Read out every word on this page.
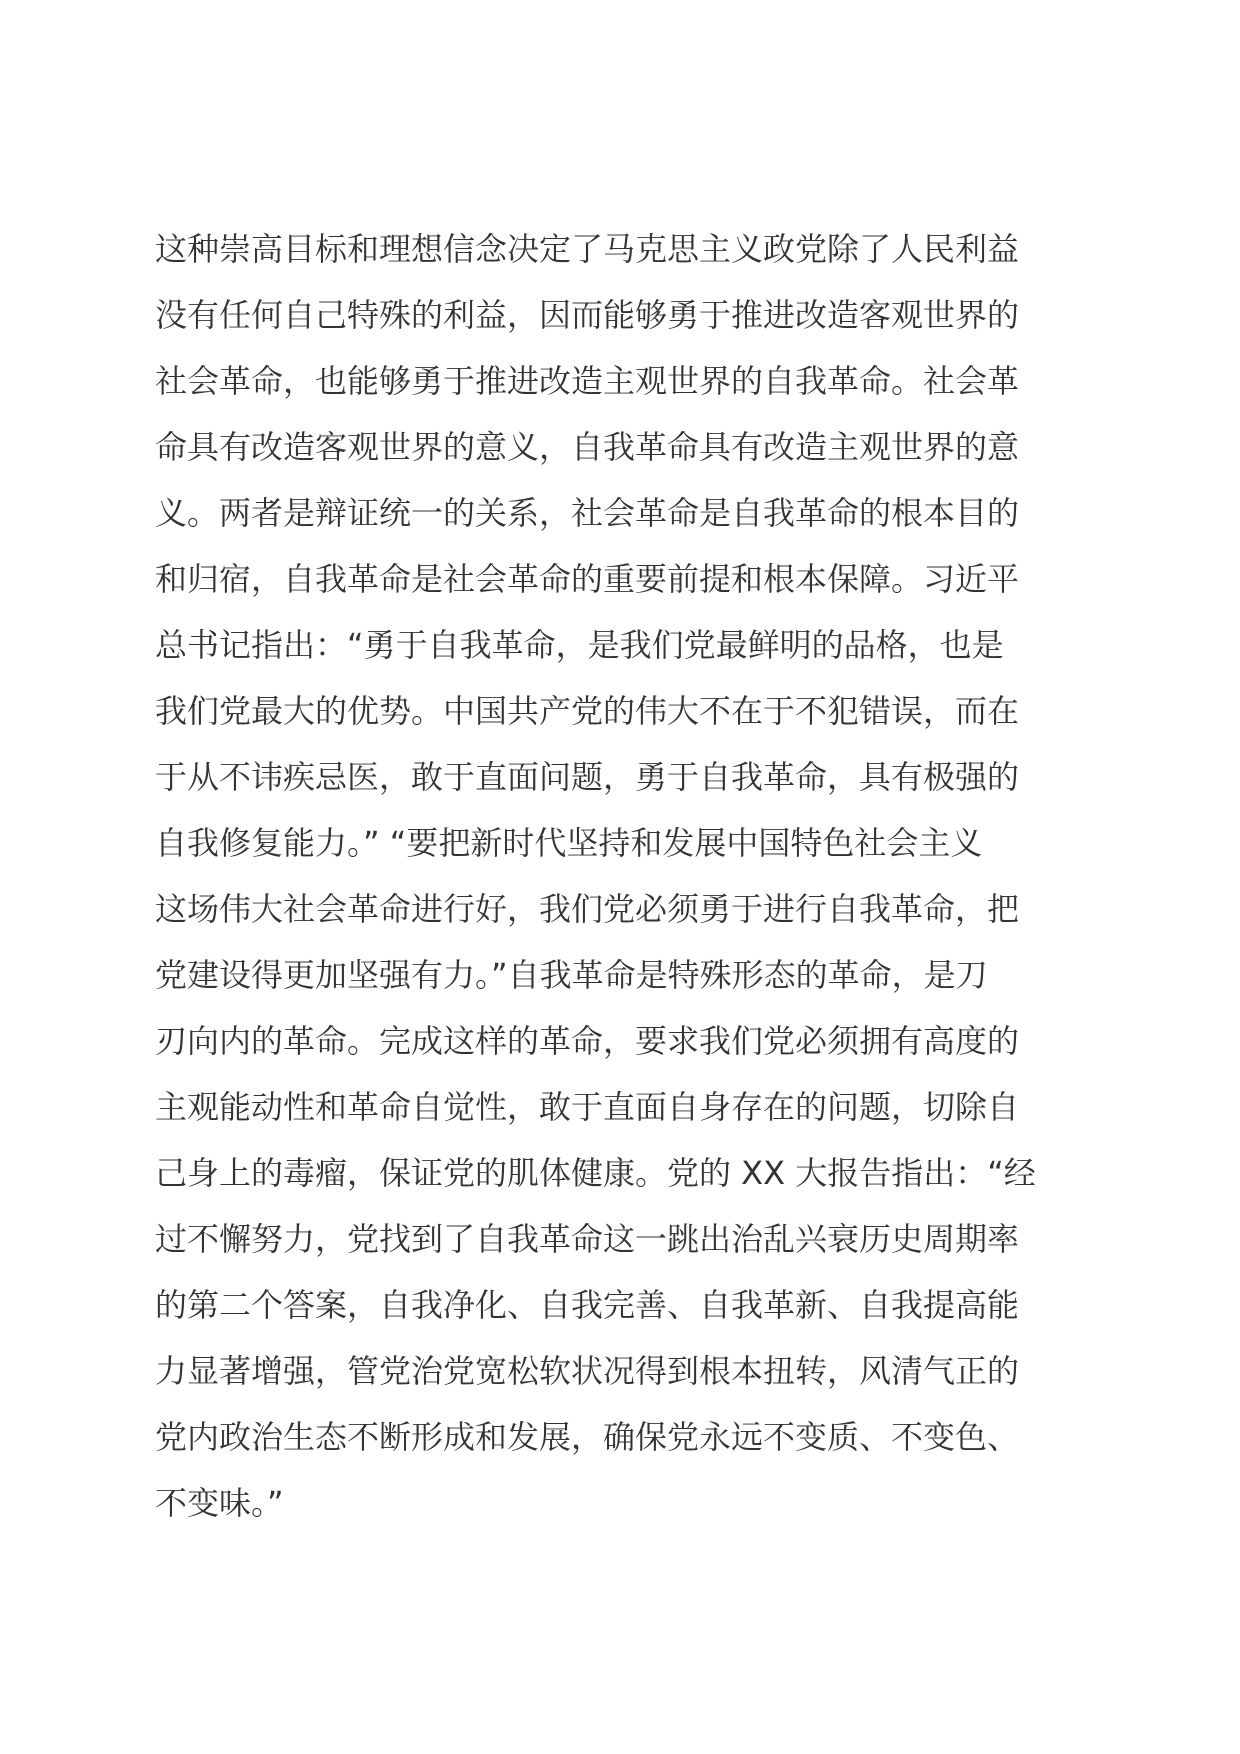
这种崇高目标和理想信念决定了马克思主义政党除了人民利益
没有任何自己特殊的利益，因而能够勇于推进改造客观世界的
社会革命，也能够勇于推进改造主观世界的自我革命。社会革
命具有改造客观世界的意义，自我革命具有改造主观世界的意
义。两者是辩证统一的关系，社会革命是自我革命的根本目的
和归宿，自我革命是社会革命的重要前提和根本保障。习近平
总书记指出：“勇于自我革命，是我们党最鲜明的品格，也是
我们党最大的优势。中国共产党的伟大不在于不犯错误，而在
于从不讳疾忌医，敢于直面问题，勇于自我革命，具有极强的
自我修复能力。” “要把新时代坚持和发展中国特色社会主义
这场伟大社会革命进行好，我们党必须勇于进行自我革命，把
党建设得更加坚强有力。”自我革命是特殊形态的革命，是刀
刃向内的革命。完成这样的革命，要求我们党必须拥有高度的
主观能动性和革命自觉性，敢于直面自身存在的问题，切除自
己身上的毒瘤，保证党的肌体健康。党的 XX 大报告指出：“经
过不懈努力，党找到了自我革命这一跳出治乱兴衰历史周期率
的第二个答案，自我净化、自我完善、自我革新、自我提高能
力显著增强，管党治党宽松软状况得到根本扭转，风清气正的
党内政治生态不断形成和发展，确保党永远不变质、不变色、
不变味。”
